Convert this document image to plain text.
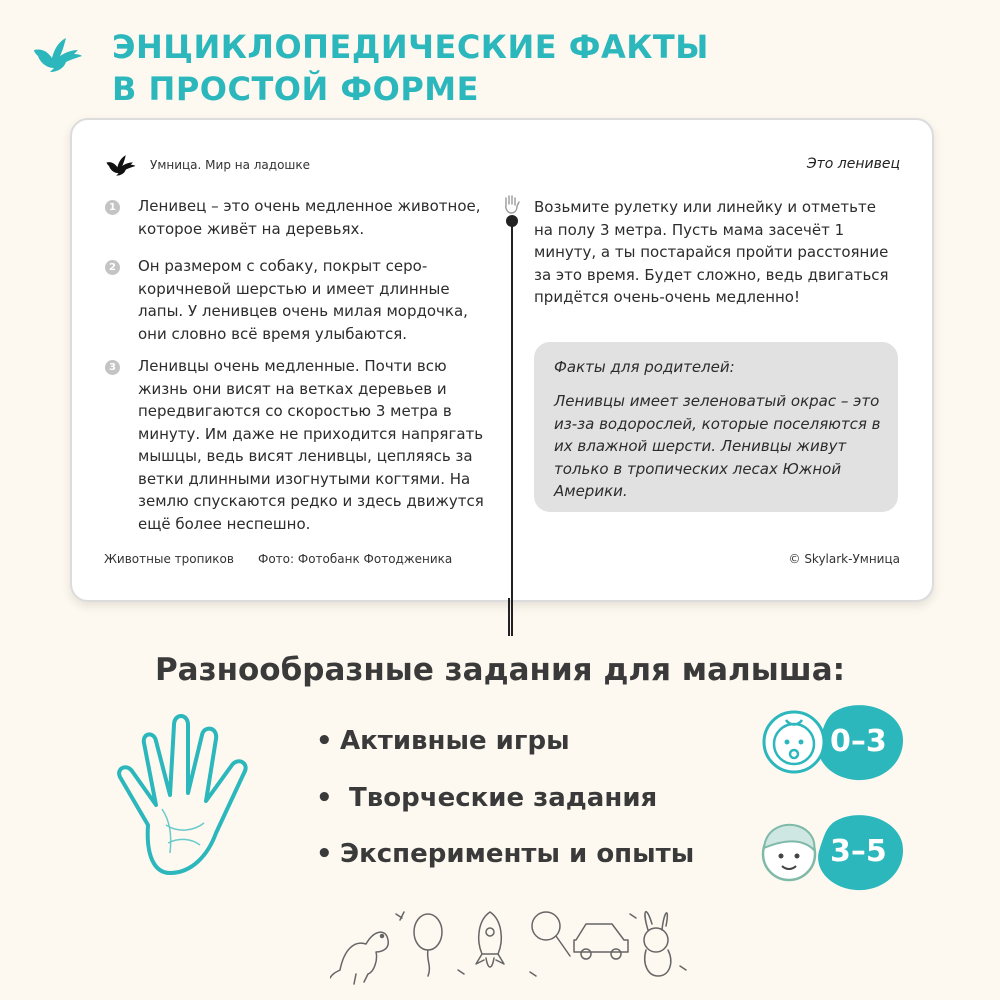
ЭНЦИКЛОПЕДИЧЕСКИЕ ФАКТЫ
В ПРОСТОЙ ФОРМЕ
Умница. Мир на ладошке	Это ленивец
1 Ленивец – это очень медленное животное, которое живёт на деревьях.
2 Он размером с собаку, покрыт серо-коричневой шерстью и имеет длинные лапы. У ленивцев очень милая мордочка, они словно всё время улыбаются.
3 Ленивцы очень медленные. Почти всю жизнь они висят на ветках деревьев и передвигаются со скоростью 3 метра в минуту. Им даже не приходится напрягать мышцы, ведь висят ленивцы, цепляясь за ветки длинными изогнутыми когтями. На землю спускаются редко и здесь движутся ещё более неспешно.
Возьмите рулетку или линейку и отметьте на полу 3 метра. Пусть мама засечёт 1 минуту, а ты постарайся пройти расстояние за это время. Будет сложно, ведь двигаться придётся очень-очень медленно!
Факты для родителей:
Ленивцы имеет зеленоватый окрас – это из-за водорослей, которые поселяются в их влажной шерсти. Ленивцы живут только в тропических лесах Южной Америки.
Животные тропиков Фото: Фотобанк Фотодженика	© Skylark-Умница
Разнообразные задания для малыша:
• Активные игры
• Творческие задания
• Эксперименты и опыты
0–3
3–5
